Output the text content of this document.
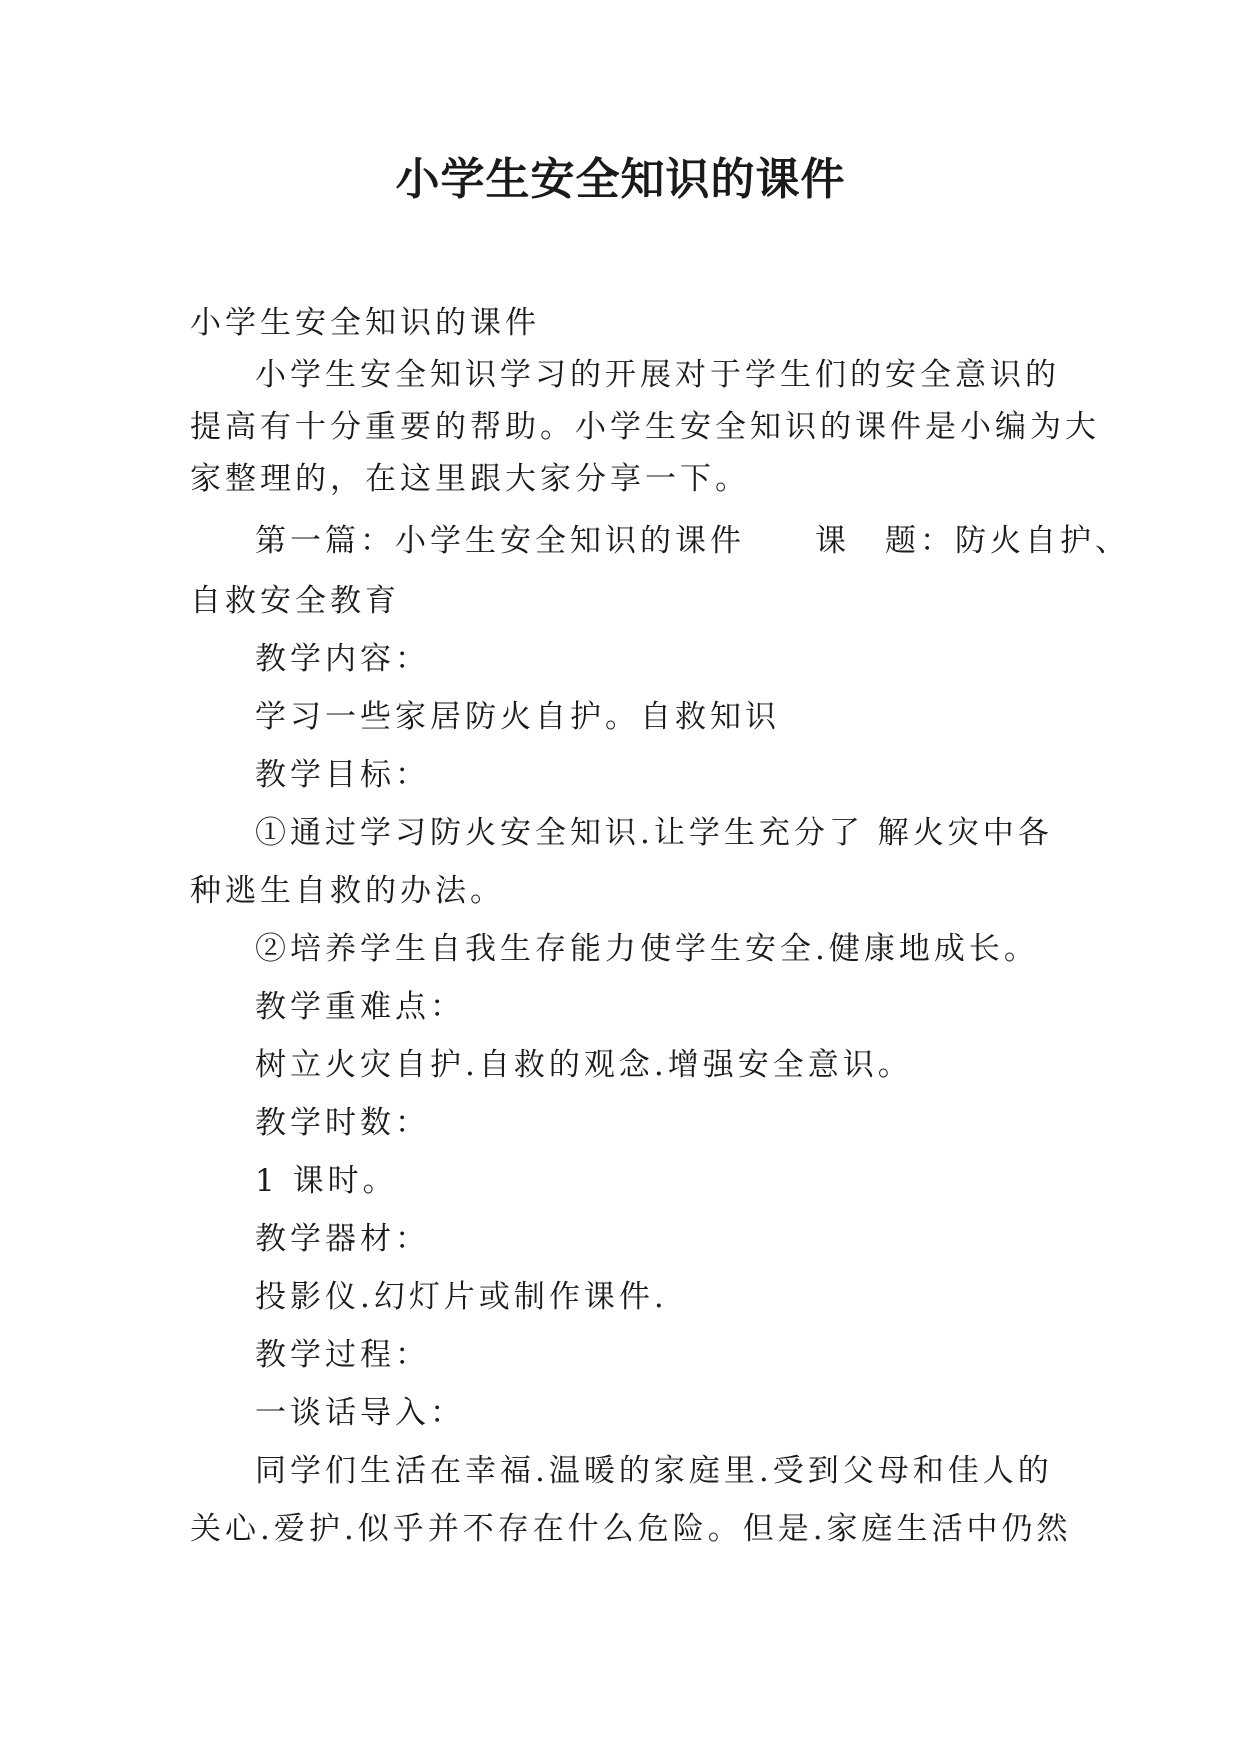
小学生安全知识的课件

小学生安全知识的课件

小学生安全知识学习的开展对于学生们的安全意识的

提高有十分重要的帮助。小学生安全知识的课件是小编为大

家整理的，在这里跟大家分享一下。

第一篇：小学生安全知识的课件　　课　题：防火自护、

自救安全教育

教学内容：

学习一些家居防火自护。自救知识

教学目标：

①通过学习防火安全知识.让学生充分了 解火灾中各

种逃生自救的办法。

②培养学生自我生存能力使学生安全.健康地成长。

教学重难点：

树立火灾自护.自救的观念.增强安全意识。

教学时数：

1 课时。

教学器材：

投影仪.幻灯片或制作课件.

教学过程：

一谈话导入：

同学们生活在幸福.温暖的家庭里.受到父母和佳人的

关心.爱护.似乎并不存在什么危险。但是.家庭生活中仍然
